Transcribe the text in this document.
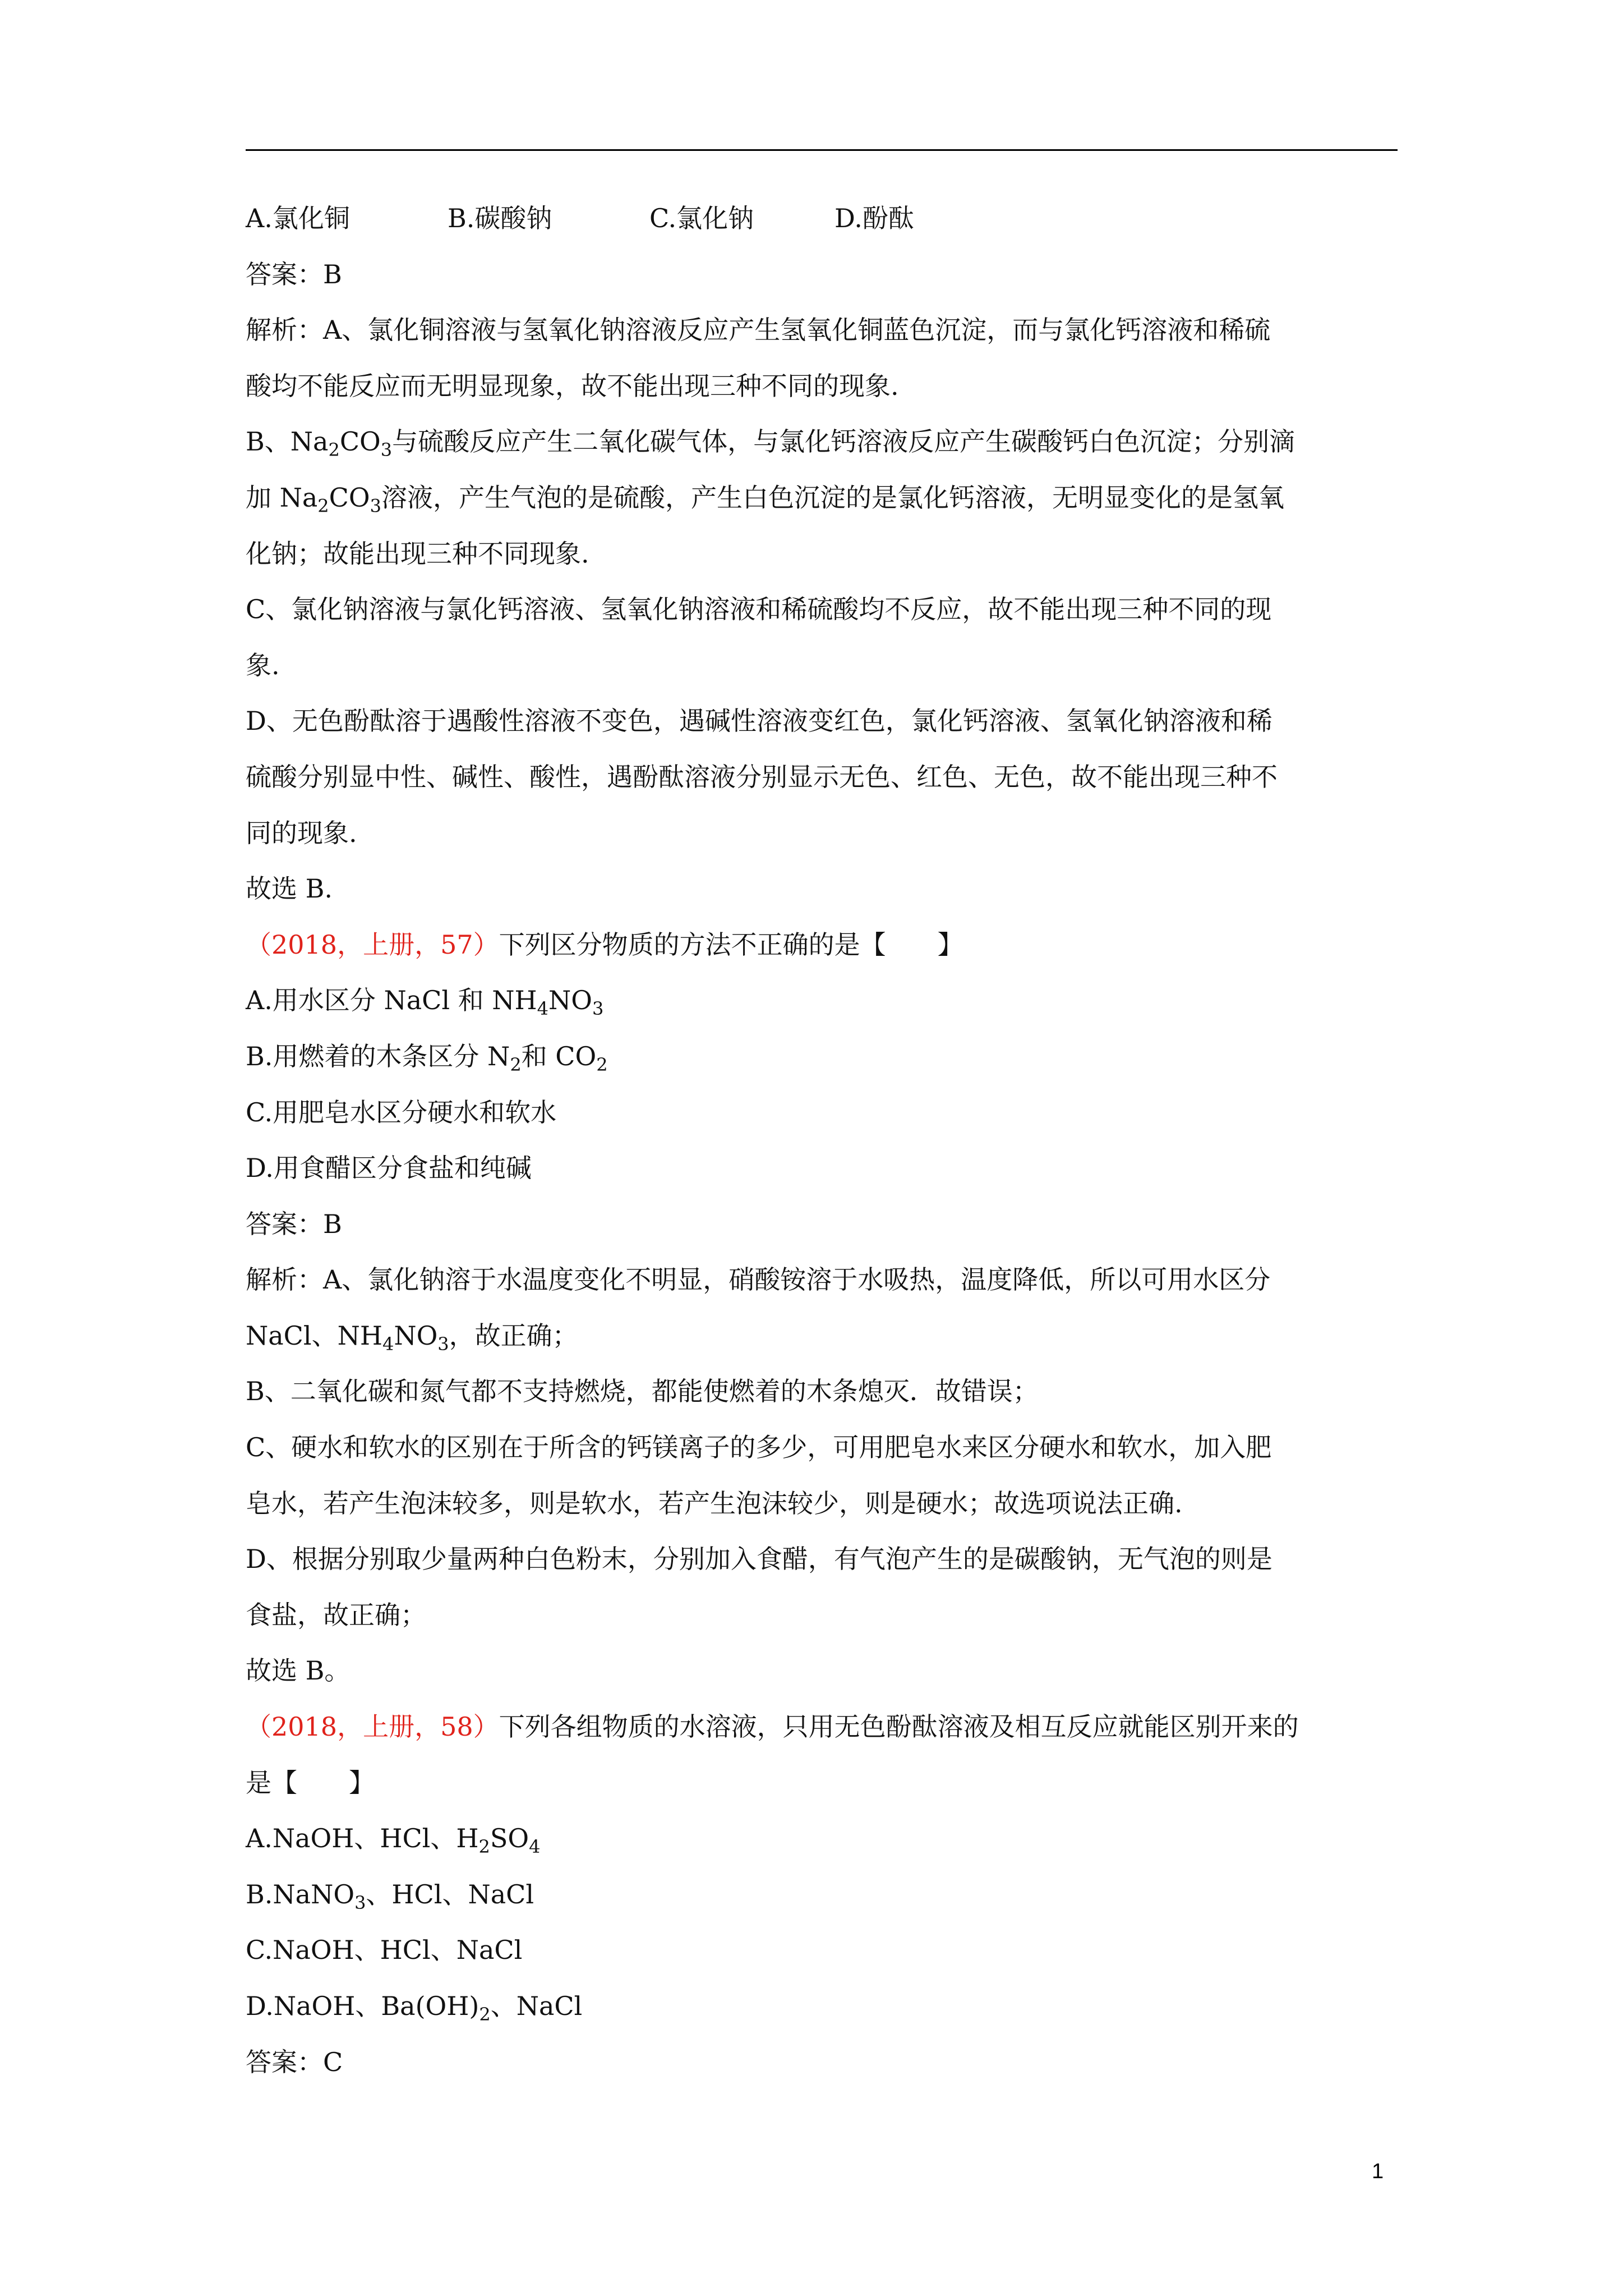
A.氯化铜	B.碳酸钠	C.氯化钠	D.酚酞
答案：B
解析：A、氯化铜溶液与氢氧化钠溶液反应产生氢氧化铜蓝色沉淀，而与氯化钙溶液和稀硫
酸均不能反应而无明显现象，故不能出现三种不同的现象.
B、$Na_2CO_3$与硫酸反应产生二氧化碳气体，与氯化钙溶液反应产生碳酸钙白色沉淀；分别滴
加 $Na_2CO_3$溶液，产生气泡的是硫酸，产生白色沉淀的是氯化钙溶液，无明显变化的是氢氧
化钠；故能出现三种不同现象.
C、氯化钠溶液与氯化钙溶液、氢氧化钠溶液和稀硫酸均不反应，故不能出现三种不同的现
象.
D、无色酚酞溶于遇酸性溶液不变色，遇碱性溶液变红色，氯化钙溶液、氢氧化钠溶液和稀
硫酸分别显中性、碱性、酸性，遇酚酞溶液分别显示无色、红色、无色，故不能出现三种不
同的现象.
故选 B.
（2018，上册，57）下列区分物质的方法不正确的是【　　】
A.用水区分 NaCl 和 $NH_4NO_3$
B.用燃着的木条区分 $N_2$和 $CO_2$
C.用肥皂水区分硬水和软水
D.用食醋区分食盐和纯碱
答案：B
解析：A、氯化钠溶于水温度变化不明显，硝酸铵溶于水吸热，温度降低，所以可用水区分
NaCl、$NH_4NO_3$，故正确；
B、二氧化碳和氮气都不支持燃烧，都能使燃着的木条熄灭．故错误；
C、硬水和软水的区别在于所含的钙镁离子的多少，可用肥皂水来区分硬水和软水，加入肥
皂水，若产生泡沫较多，则是软水，若产生泡沫较少，则是硬水；故选项说法正确.
D、根据分别取少量两种白色粉末，分别加入食醋，有气泡产生的是碳酸钠，无气泡的则是
食盐，故正确；
故选 B。
（2018，上册，58）下列各组物质的水溶液，只用无色酚酞溶液及相互反应就能区别开来的
是【　　】
A.NaOH、HCl、$H_2SO_4$
B.NaNO$_3$、HCl、NaCl
C.NaOH、HCl、NaCl
D.NaOH、$Ba(OH)_2$、NaCl
答案：C
1
